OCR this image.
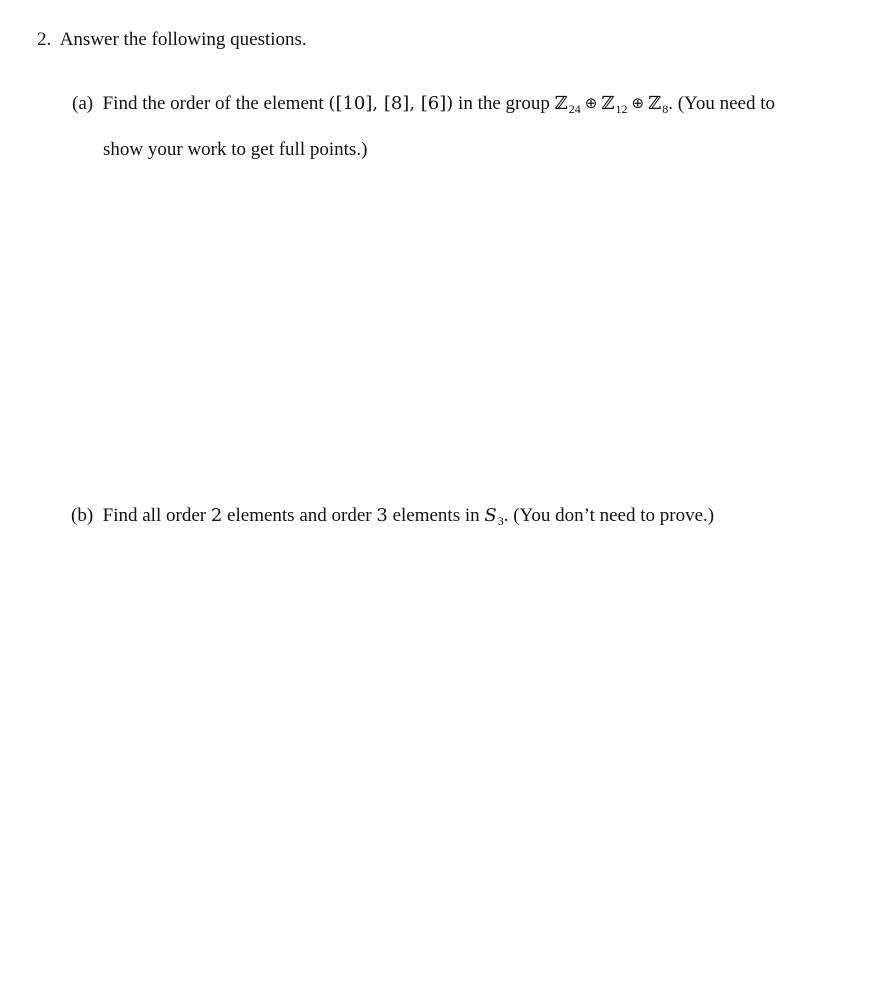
2. Answer the following questions.
(a) Find the order of the element ([10], [8], [6]) in the group ℤ$_{24}$ ⊕ ℤ$_{12}$ ⊕ ℤ$_8$. (You need to
show your work to get full points.)
(b) Find all order 2 elements and order 3 elements in $S_3$. (You don’t need to prove.)
